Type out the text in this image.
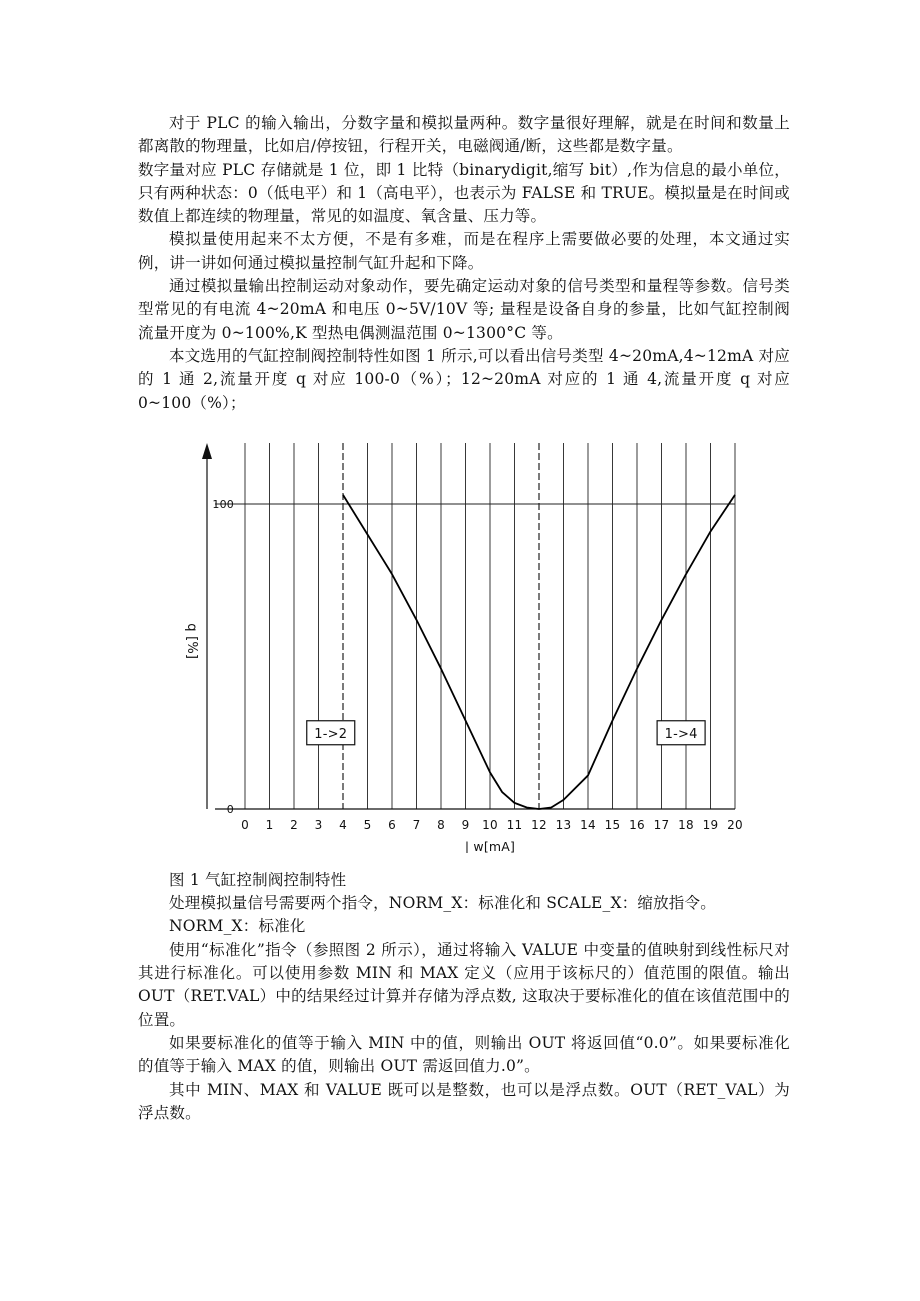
对于 PLC 的输入输出，分数字量和模拟量两种。数字量很好理解，就是在时间和数量上都离散的物理量，比如启/停按钮，行程开关，电磁阀通/断，这些都是数字量。

数字量对应 PLC 存储就是 1 位，即 1 比特（binarydigit,缩写 bit）,作为信息的最小单位，只有两种状态：0（低电平）和 1（高电平），也表示为 FALSE 和 TRUE。模拟量是在时间或数值上都连续的物理量，常见的如温度、氧含量、压力等。

模拟量使用起来不太方便，不是有多难，而是在程序上需要做必要的处理，本文通过实例，讲一讲如何通过模拟量控制气缸升起和下降。

通过模拟量输出控制运动对象动作，要先确定运动对象的信号类型和量程等参数。信号类型常见的有电流 4~20mA 和电压 0~5V/10V 等; 量程是设备自身的参量，比如气缸控制阀流量开度为 0~100%,K 型热电偶测温范围 0~1300°C 等。

本文选用的气缸控制阀控制特性如图 1 所示,可以看出信号类型 4~20mA,4~12mA 对应的 1 通 2,流量开度 q 对应 100-0（%）；12~20mA 对应的 1 通 4,流量开度 q 对应 0~100（%）；

0 1 2 3 4 5 6 7 8 9 10 11 12 13 14 15 16 17 18 19 20
0
100
| w[mA]
q [%]
1->2	1->4

图 1 气缸控制阀控制特性

处理模拟量信号需要两个指令，NORM_X：标准化和 SCALE_X：缩放指令。

NORM_X：标准化

使用“标准化”指令（参照图 2 所示），通过将输入 VALUE 中变量的值映射到线性标尺对其进行标准化。可以使用参数 MIN 和 MAX 定义（应用于该标尺的）值范围的限值。输出 OUT（RET.VAL）中的结果经过计算并存储为浮点数, 这取决于要标准化的值在该值范围中的位置。

如果要标准化的值等于输入 MIN 中的值，则输出 OUT 将返回值“0.0”。如果要标准化的值等于输入 MAX 的值，则输出 OUT 需返回值力.0”。

其中 MIN、MAX 和 VALUE 既可以是整数，也可以是浮点数。OUT（RET_VAL）为浮点数。
